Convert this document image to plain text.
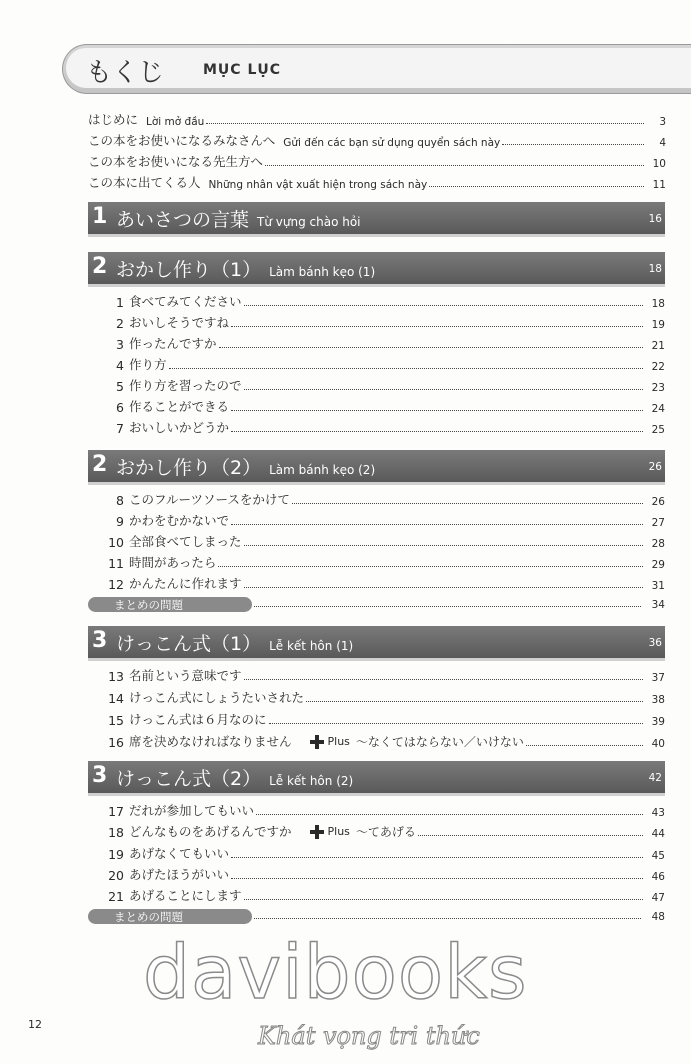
もくじ	MỤC LỤC
はじめに Lời mở đầu	3
この本をお使いになるみなさんへ Gửi đến các bạn sử dụng quyển sách này	4
この本をお使いになる先生方へ	10
この本に出てくる人 Những nhân vật xuất hiện trong sách này	11
1 あいさつの言葉 Từ vựng chào hỏi	16
2 おかし作り（1） Làm bánh kẹo (1)	18
1 食べてみてください	18
2 おいしそうですね	19
3 作ったんですか	21
4 作り方	22
5 作り方を習ったので	23
6 作ることができる	24
7 おいしいかどうか	25
2 おかし作り（2） Làm bánh kẹo (2)	26
8 このフルーツソースをかけて	26
9 かわをむかないで	27
10 全部食べてしまった	28
11 時間があったら	29
12 かんたんに作れます	31
まとめの問題	34
3 けっこん式（1） Lễ kết hôn (1)	36
13 名前という意味です	37
14 けっこん式にしょうたいされた	38
15 けっこん式は６月なのに	39
16 席を決めなければなりません	Plus ～なくてはならない／いけない	40
3 けっこん式（2） Lễ kết hôn (2)	42
17 だれが参加してもいい	43
18 どんなものをあげるんですか	Plus ～てあげる	44
19 あげなくてもいい	45
20 あげたほうがいい	46
21 あげることにします	47
まとめの問題	48
davibooks
Khát vọng tri thức
12
